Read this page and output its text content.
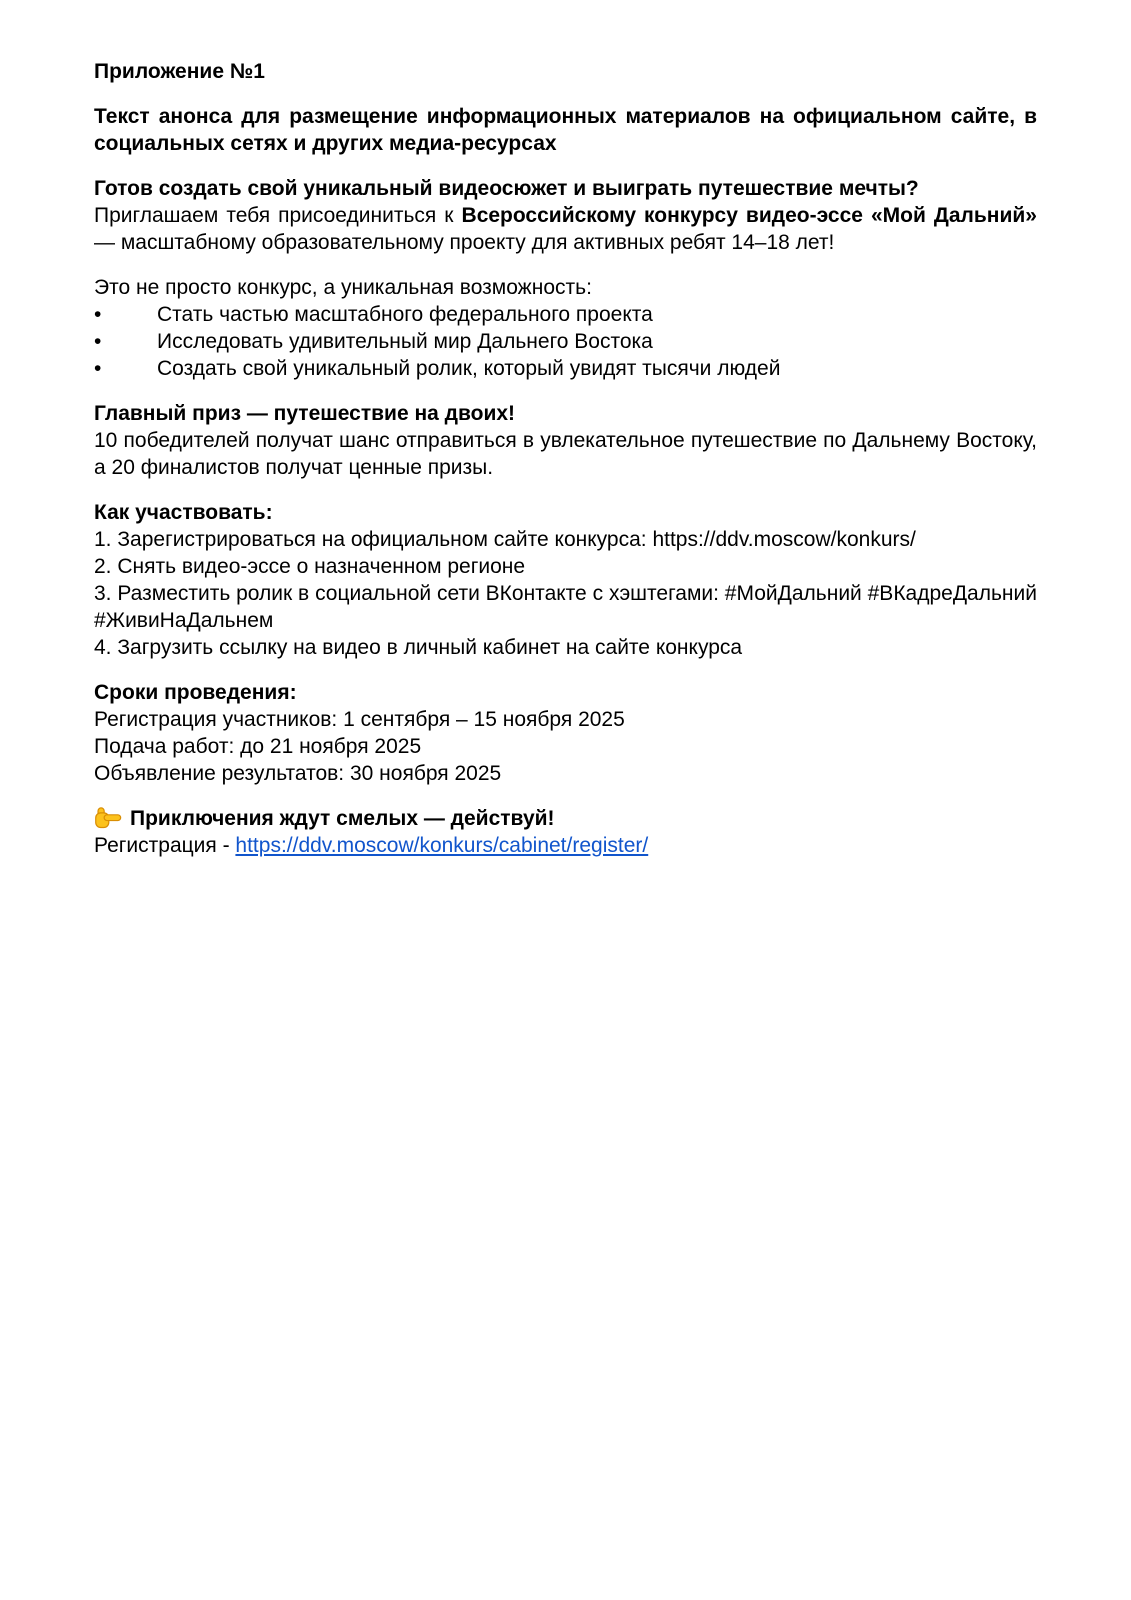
Приложение №1

Текст анонса для размещение информационных материалов на официальном сайте, в социальных сетях и других медиа-ресурсах

Готов создать свой уникальный видеосюжет и выиграть путешествие мечты?

Приглашаем тебя присоединиться к Всероссийскому конкурсу видео-эссе «Мой Дальний» — масштабному образовательному проекту для активных ребят 14–18 лет!

Это не просто конкурс, а уникальная возможность:

•	Стать частью масштабного федерального проекта
•	Исследовать удивительный мир Дальнего Востока
•	Создать свой уникальный ролик, который увидят тысячи людей

Главный приз — путешествие на двоих!

10 победителей получат шанс отправиться в увлекательное путешествие по Дальнему Востоку, а 20 финалистов получат ценные призы.

Как участвовать:

1. Зарегистрироваться на официальном сайте конкурса: https://ddv.moscow/konkurs/

2. Снять видео-эссе о назначенном регионе

3. Разместить ролик в социальной сети ВКонтакте с хэштегами: #МойДальний #ВКадреДальний #ЖивиНаДальнем

4. Загрузить ссылку на видео в личный кабинет на сайте конкурса

Сроки проведения:

Регистрация участников: 1 сентября – 15 ноября 2025

Подача работ: до 21 ноября 2025

Объявление результатов: 30 ноября 2025

Приключения ждут смелых — действуй!

Регистрация - https://ddv.moscow/konkurs/cabinet/register/
